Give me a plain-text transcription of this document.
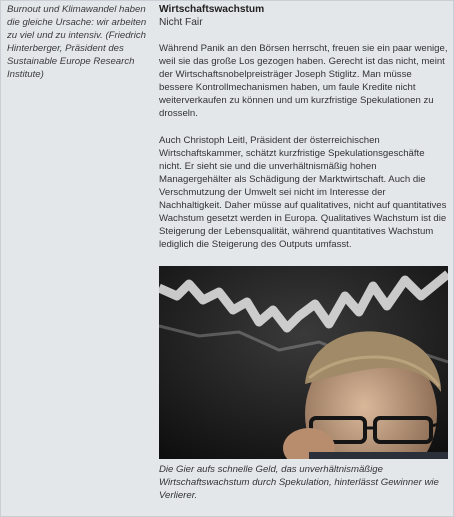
Burnout und Klimawandel haben die gleiche Ursache: wir arbeiten zu viel und zu intensiv. (Friedrich Hinterberger, Präsident des Sustainable Europe Research Institute)
Wirtschaftswachstum
Nicht Fair

Während Panik an den Börsen herrscht, freuen sie ein paar wenige, weil sie das große Los gezogen haben. Gerecht ist das nicht, meint der Wirtschaftsnobelpreisträger Joseph Stiglitz. Man müsse bessere Kontrollmechanismen haben, um faule Kredite nicht weiterverkaufen zu können und um kurzfristige Spekulationen zu drosseln.

Auch Christoph Leitl, Präsident der österreichischen Wirtschaftskammer, schätzt kurzfristige Spekulationsgeschäfte nicht. Er sieht sie und die unverhältnismäßig hohen Managergehälter als Schädigung der Marktwirtschaft. Auch die Verschmutzung der Umwelt sei nicht im Interesse der Nachhaltigkeit. Daher müsse auf qualitatives, nicht auf quantitatives Wachstum gesetzt werden in Europa. Qualitatives Wachstum ist die Steigerung der Lebensqualität, während quantitatives Wachstum lediglich die Steigerung des Outputs umfasst.

Die Gier aufs schnelle Geld, das unverhältnismäßige Wirtschaftswachstum durch Spekulation, hinterlässt Gewinner wie Verlierer.
